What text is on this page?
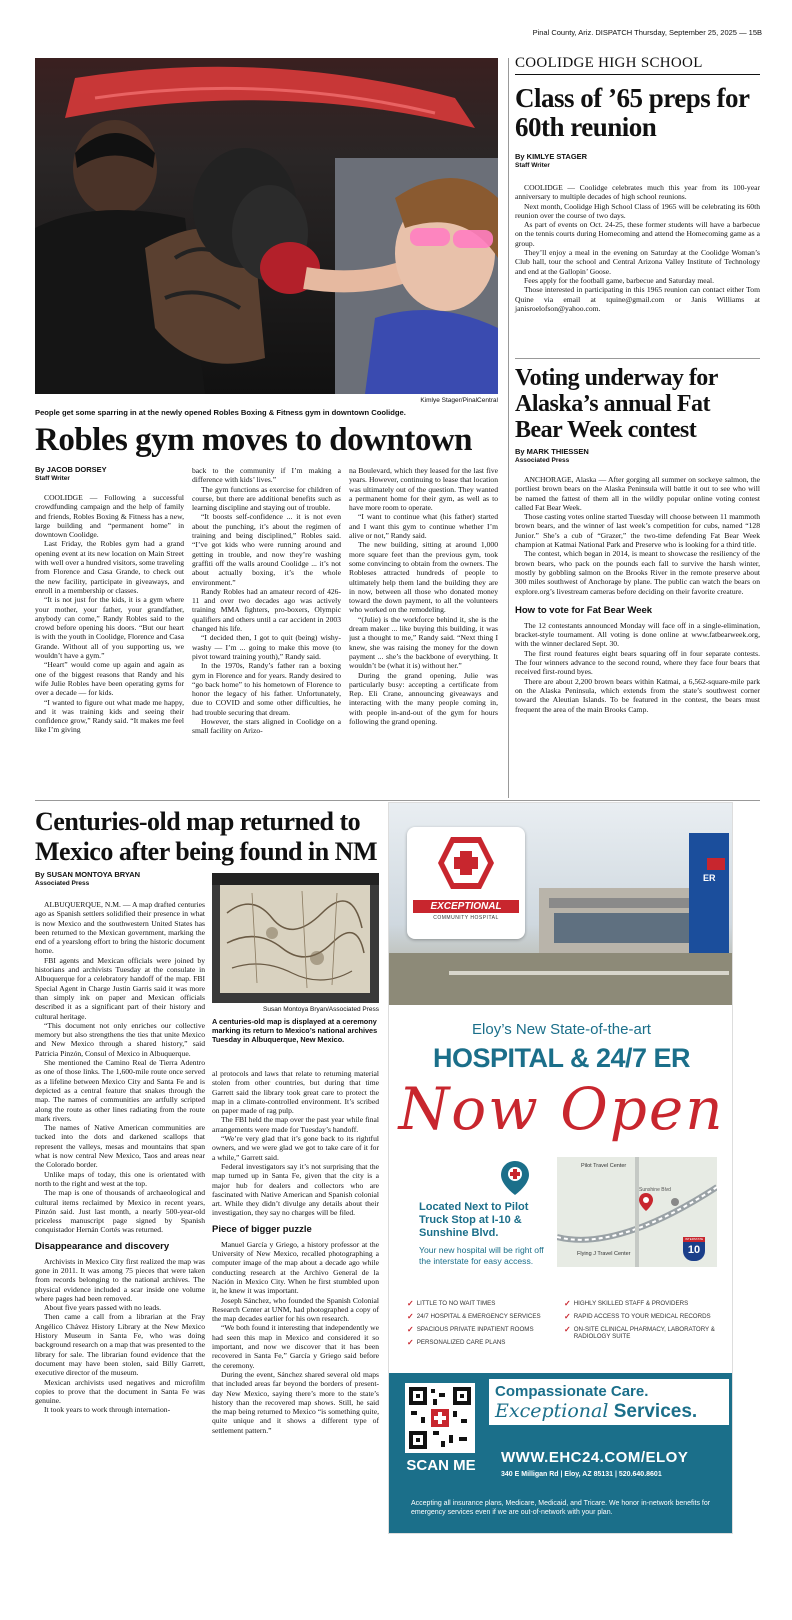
Pinal County, Ariz. DISPATCH Thursday, September 25, 2025 — 15B
Kimlye Stager/PinalCentral
People get some sparring in at the newly opened Robles Boxing & Fitness gym in downtown Coolidge.
Robles gym moves to downtown
By JACOB DORSEY
Staff Writer

COOLIDGE — Following a successful crowdfunding campaign and the help of family and friends, Robles Boxing & Fitness has a new, large building and “permanent home” in downtown Coolidge.

Last Friday, the Robles gym had a grand opening event at its new location on Main Street with well over a hundred visitors, some traveling from Florence and Casa Grande, to check out the new facility, participate in giveaways, and enroll in a membership or classes.

“It is not just for the kids, it is a gym where your mother, your father, your grandfather, anybody can come,” Randy Robles said to the crowd before opening his doors. “But our heart is with the youth in Coolidge, Florence and Casa Grande. Without all of you supporting us, we wouldn’t have a gym.”

“Heart” would come up again and again as one of the biggest reasons that Randy and his wife Julie Robles have been operating gyms for over a decade — for kids.

“I wanted to figure out what made me happy, and it was training kids and seeing their confidence grow,” Randy said. “It makes me feel like I’m giving

back to the community if I’m making a difference with kids’ lives.”

The gym functions as exercise for children of course, but there are additional benefits such as learning discipline and staying out of trouble.

“It boosts self-confidence ... it is not even about the punching, it’s about the regimen of training and being disciplined,” Robles said. “I’ve got kids who were running around and getting in trouble, and now they’re washing graffiti off the walls around Coolidge ... it’s not about actually boxing, it’s the whole environment.”

Randy Robles had an amateur record of 426-11 and over two decades ago was actively training MMA fighters, pro-boxers, Olympic qualifiers and others until a car accident in 2003 changed his life.

“I decided then, I got to quit (being) wishy-washy — I’m ... going to make this move (to pivot toward training youth),” Randy said.

In the 1970s, Randy’s father ran a boxing gym in Florence and for years. Randy desired to “go back home” to his hometown of Florence to honor the legacy of his father. Unfortunately, due to COVID and some other difficulties, he had trouble securing that dream.

However, the stars aligned in Coolidge on a small facility on Arizo-

na Boulevard, which they leased for the last five years. However, continuing to lease that location was ultimately out of the question. They wanted a permanent home for their gym, as well as to have more room to operate.

“I want to continue what (his father) started and I want this gym to continue whether I’m alive or not,” Randy said.

The new building, sitting at around 1,000 more square feet than the previous gym, took some convincing to obtain from the owners. The Robleses attracted hundreds of people to ultimately help them land the building they are in now, between all those who donated money toward the down payment, to all the volunteers who worked on the remodeling.

“(Julie) is the workforce behind it, she is the dream maker ... like buying this building, it was just a thought to me,” Randy said. “Next thing I knew, she was raising the money for the down payment ... she’s the backbone of everything. It wouldn’t be (what it is) without her.”

During the grand opening, Julie was particularly busy: accepting a certificate from Rep. Eli Crane, announcing giveaways and interacting with the many people coming in, with people in-and-out of the gym for hours following the grand opening.

COOLIDGE HIGH SCHOOL
Class of ’65 preps for 60th reunion
By KIMLYE STAGER
Staff Writer

COOLIDGE — Coolidge celebrates much this year from its 100-year anniversary to multiple decades of high school reunions.

Next month, Coolidge High School Class of 1965 will be celebrating its 60th reunion over the course of two days.

As part of events on Oct. 24-25, these former students will have a barbecue on the tennis courts during Homecoming and attend the Homecoming game as a group.

They’ll enjoy a meal in the evening on Saturday at the Coolidge Woman’s Club hall, tour the school and Central Arizona Valley Institute of Technology and end at the Gallopin’ Goose.

Fees apply for the football game, barbecue and Saturday meal.

Those interested in participating in this 1965 reunion can contact either Tom Quine via email at tquine@gmail.com or Janis Williams at janisroelofson@yahoo.com.

Voting underway for Alaska’s annual Fat Bear Week contest
By MARK THIESSEN
Associated Press

ANCHORAGE, Alaska — After gorging all summer on sockeye salmon, the portliest brown bears on the Alaska Peninsula will battle it out to see who will be named the fattest of them all in the wildly popular online voting contest called Fat Bear Week.

Those casting votes online started Tuesday will choose between 11 mammoth brown bears, and the winner of last week’s competition for cubs, named “128 Junior.” She’s a cub of “Grazer,” the two-time defending Fat Bear Week champion at Katmai National Park and Preserve who is looking for a third title.

The contest, which began in 2014, is meant to showcase the resiliency of the brown bears, who pack on the pounds each fall to survive the harsh winter, mostly by gobbling salmon on the Brooks River in the remote preserve about 300 miles southwest of Anchorage by plane. The public can watch the bears on explore.org’s livestream cameras before deciding on their favorite creature.

How to vote for Fat Bear Week

The 12 contestants announced Monday will face off in a single-elimination, bracket-style tournament. All voting is done online at www.fatbearweek.org, with the winner declared Sept. 30.

The first round features eight bears squaring off in four separate contests. The four winners advance to the second round, where they face four bears that received first-round byes.

There are about 2,200 brown bears within Katmai, a 6,562-square-mile park on the Alaska Peninsula, which extends from the state’s southwest corner toward the Aleutian Islands. To be featured in the contest, the bears must frequent the area of the main Brooks Camp.

Centuries-old map returned to Mexico after being found in NM
By SUSAN MONTOYA BRYAN
Associated Press

ALBUQUERQUE, N.M. — A map drafted centuries ago as Spanish settlers solidified their presence in what is now Mexico and the southwestern United States has been returned to the Mexican government, marking the end of a yearslong effort to bring the historic document home.

FBI agents and Mexican officials were joined by historians and archivists Tuesday at the consulate in Albuquerque for a celebratory handoff of the map. FBI Special Agent in Charge Justin Garris said it was more than simply ink on paper and Mexican officials described it as a significant part of their history and cultural heritage.

“This document not only enriches our collective memory but also strengthens the ties that unite Mexico and New Mexico through a shared history,” said Patricia Pinzón, Consul of Mexico in Albuquerque.

She mentioned the Camino Real de Tierra Adentro as one of those links. The 1,600-mile route once served as a lifeline between Mexico City and Santa Fe and is depicted as a central feature that snakes through the map. The names of communities are artfully scripted along the route as other lines radiating from the route mark rivers.

The names of Native American communities are tucked into the dots and darkened scallops that represent the valleys, mesas and mountains that span what is now central New Mexico, Taos and areas near the Colorado border.

Unlike maps of today, this one is orientated with north to the right and west at the top.

The map is one of thousands of archaeological and cultural items reclaimed by Mexico in recent years, Pinzón said. Just last month, a nearly 500-year-old priceless manuscript page signed by Spanish conquistador Hernán Cortés was returned.

Disappearance and discovery

Archivists in Mexico City first realized the map was gone in 2011. It was among 75 pieces that were taken from records belonging to the national archives. The physical evidence included a scar inside one volume where pages had been removed.

About five years passed with no leads.

Then came a call from a librarian at the Fray Angélico Chávez History Library at the New Mexico History Museum in Santa Fe, who was doing background research on a map that was presented to the library for sale. The librarian found evidence that the document may have been stolen, said Billy Garrett, executive director of the museum.

Mexican archivists used negatives and microfilm copies to prove that the document in Santa Fe was genuine.

It took years to work through internation-

Susan Montoya Bryan/Associated Press
A centuries-old map is displayed at a ceremony marking its return to Mexico’s national archives Tuesday in Albuquerque, New Mexico.

al protocols and laws that relate to returning material stolen from other countries, but during that time Garrett said the library took great care to protect the map in a climate-controlled environment. It’s scribed on paper made of rag pulp.

The FBI held the map over the past year while final arrangements were made for Tuesday’s handoff.

“We’re very glad that it’s gone back to its rightful owners, and we were glad we got to take care of it for a while,” Garrett said.

Federal investigators say it’s not surprising that the map turned up in Santa Fe, given that the city is a major hub for dealers and collectors who are fascinated with Native American and Spanish colonial art. While they didn’t divulge any details about their investigation, they say no charges will be filed.

Piece of bigger puzzle

Manuel García y Griego, a history professor at the University of New Mexico, recalled photographing a computer image of the map about a decade ago while conducting research at the Archivo General de la Nación in Mexico City. When he first stumbled upon it, he knew it was important.

Joseph Sánchez, who founded the Spanish Colonial Research Center at UNM, had photographed a copy of the map decades earlier for his own research.

“We both found it interesting that independently we had seen this map in Mexico and considered it so important, and now we discover that it has been recovered in Santa Fe,” García y Griego said before the ceremony.

During the event, Sánchez shared several old maps that included areas far beyond the borders of present-day New Mexico, saying there’s more to the state’s history than the recovered map shows. Still, he said the map being returned to Mexico “is something quite, quite unique and it shows a different type of settlement pattern.”

EXCEPTIONAL
COMMUNITY HOSPITAL
ER
Eloy’s New State-of-the-art
HOSPITAL & 24/7 ER
Now Open
Located Next to Pilot Truck Stop at I-10 & Sunshine Blvd.
Your new hospital will be right off the interstate for easy access.
Pilot Travel Center
Flying J Travel Center
Sunshine Blvd
INTERSTATE
10
✓ LITTLE TO NO WAIT TIMES
✓ 24/7 HOSPITAL & EMERGENCY SERVICES
✓ SPACIOUS PRIVATE INPATIENT ROOMS
✓ PERSONALIZED CARE PLANS
✓ HIGHLY SKILLED STAFF & PROVIDERS
✓ RAPID ACCESS TO YOUR MEDICAL RECORDS
✓ ON-SITE CLINICAL PHARMACY, LABORATORY & RADIOLOGY SUITE
SCAN ME
Compassionate Care.
Exceptional Services.
WWW.EHC24.COM/ELOY
340 E Milligan Rd | Eloy, AZ 85131 | 520.640.8601
Accepting all insurance plans, Medicare, Medicaid, and Tricare. We honor in-network benefits for emergency services even if we are out-of-network with your plan.
